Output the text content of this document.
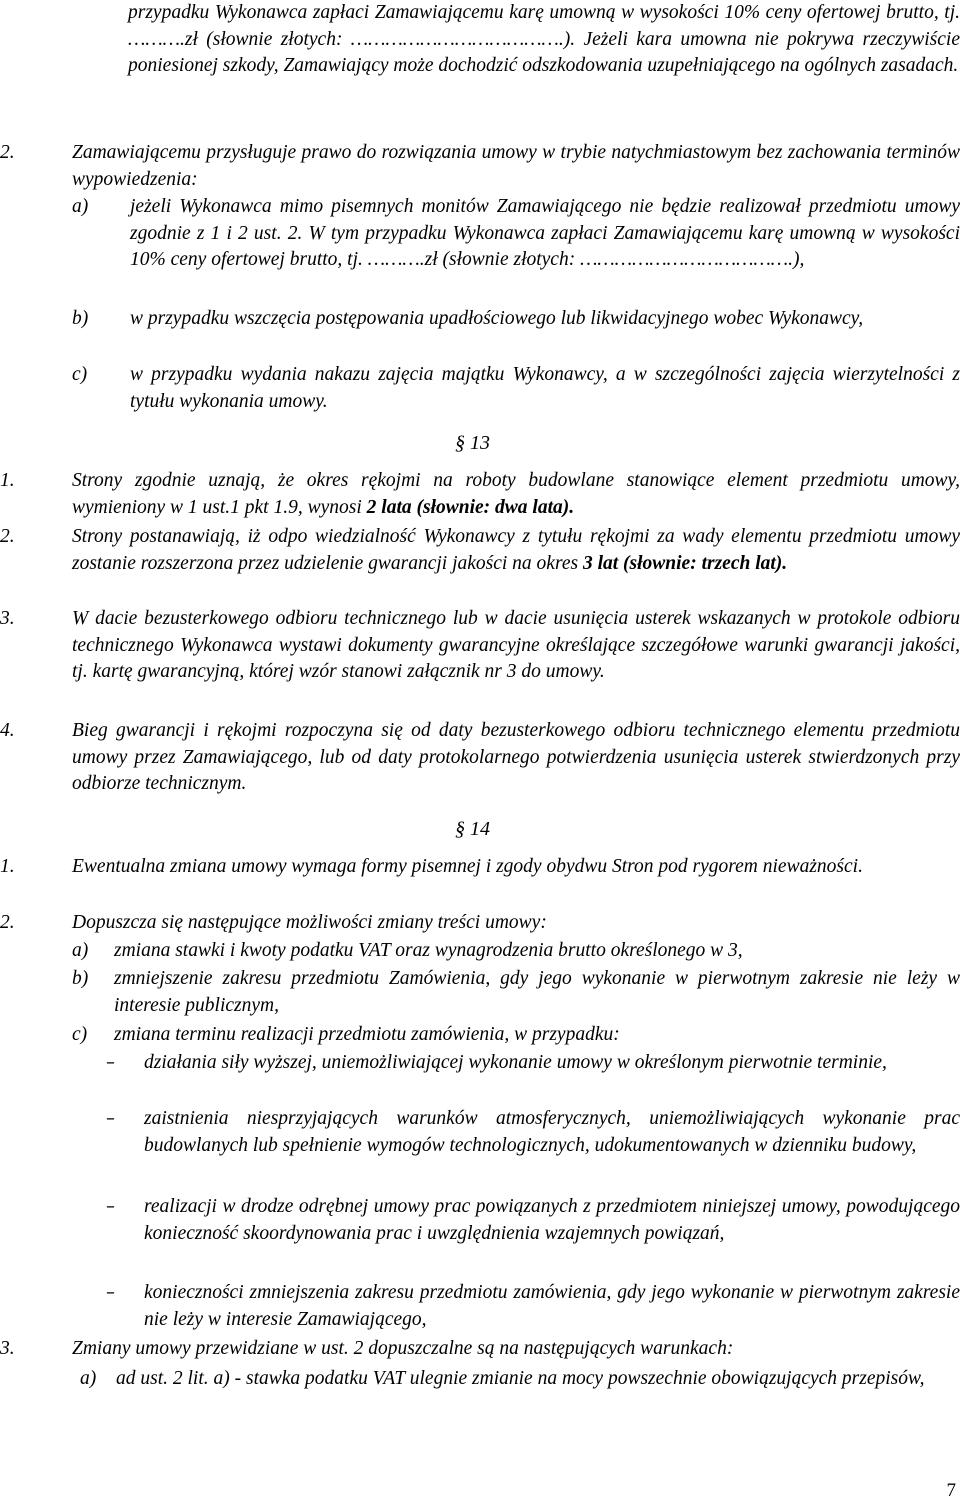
przypadku Wykonawca zapłaci Zamawiającemu karę umowną w wysokości 10% ceny ofertowej brutto, tj. ……….zł (słownie złotych: ……………………………….). Jeżeli kara umowna nie pokrywa rzeczywiście poniesionej szkody, Zamawiający może dochodzić odszkodowania uzupełniającego na ogólnych zasadach.
2.	Zamawiającemu przysługuje prawo do rozwiązania umowy w trybie natychmiastowym bez zachowania terminów wypowiedzenia:
a)	jeżeli Wykonawca mimo pisemnych monitów Zamawiającego nie będzie realizował przedmiotu umowy zgodnie z 1 i 2 ust. 2. W tym przypadku Wykonawca zapłaci Zamawiającemu karę umowną w wysokości 10% ceny ofertowej brutto, tj. ……….zł (słownie złotych: ……………………………….),
b)	w przypadku wszczęcia postępowania upadłościowego lub likwidacyjnego wobec Wykonawcy,
c)	w przypadku wydania nakazu zajęcia majątku Wykonawcy, a w szczególności zajęcia wierzytelności z tytułu wykonania umowy.
§ 13
1.	Strony zgodnie uznają, że okres rękojmi na roboty budowlane stanowiące element przedmiotu umowy, wymieniony w 1 ust.1 pkt 1.9, wynosi 2 lata (słownie: dwa lata).
2.	Strony postanawiają, iż odpo wiedzialność Wykonawcy z tytułu rękojmi za wady elementu przedmiotu umowy zostanie rozszerzona przez udzielenie gwarancji jakości na okres 3 lat (słownie: trzech lat).
3.	W dacie bezusterkowego odbioru technicznego lub w dacie usunięcia usterek wskazanych w protokole odbioru technicznego Wykonawca wystawi dokumenty gwarancyjne określające szczegółowe warunki gwarancji jakości, tj. kartę gwarancyjną, której wzór stanowi załącznik nr 3 do umowy.
4.	Bieg gwarancji i rękojmi rozpoczyna się od daty bezusterkowego odbioru technicznego elementu przedmiotu umowy przez Zamawiającego, lub od daty protokolarnego potwierdzenia usunięcia usterek stwierdzonych przy odbiorze technicznym.
§ 14
1.	Ewentualna zmiana umowy wymaga formy pisemnej i zgody obydwu Stron pod rygorem nieważności.
2.	Dopuszcza się następujące możliwości zmiany treści umowy:
a)	zmiana stawki i kwoty podatku VAT oraz wynagrodzenia brutto określonego w 3,
b)	zmniejszenie zakresu przedmiotu Zamówienia, gdy jego wykonanie w pierwotnym zakresie nie leży w interesie publicznym,
c)	zmiana terminu realizacji przedmiotu zamówienia, w przypadku:
–	działania siły wyższej, uniemożliwiającej wykonanie umowy w określonym pierwotnie terminie,
–	zaistnienia niesprzyjających warunków atmosferycznych, uniemożliwiających wykonanie prac budowlanych lub spełnienie wymogów technologicznych, udokumentowanych w dzienniku budowy,
–	realizacji w drodze odrębnej umowy prac powiązanych z przedmiotem niniejszej umowy, powodującego konieczność skoordynowania prac i uwzględnienia wzajemnych powiązań,
–	konieczności zmniejszenia zakresu przedmiotu zamówienia, gdy jego wykonanie w pierwotnym zakresie nie leży w interesie Zamawiającego,
3.	Zmiany umowy przewidziane w ust. 2 dopuszczalne są na następujących warunkach:
a)	ad ust. 2 lit. a) - stawka podatku VAT ulegnie zmianie na mocy powszechnie obowiązujących przepisów,
7
